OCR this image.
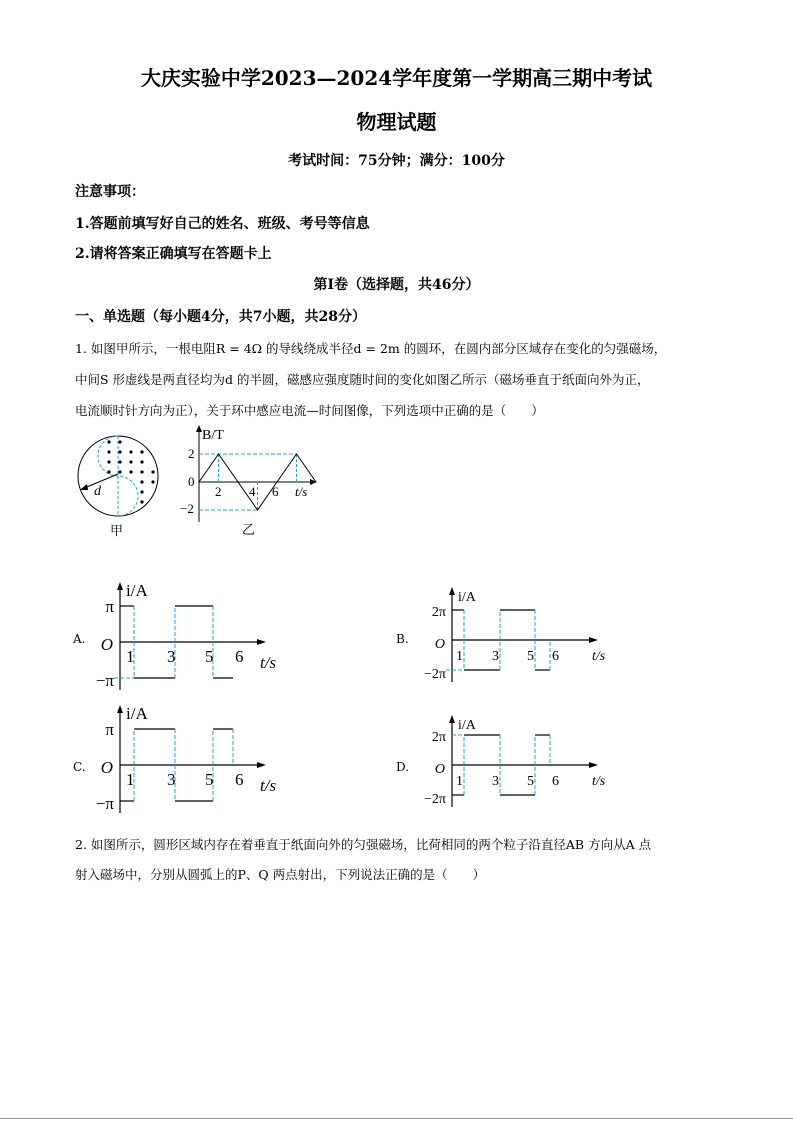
大庆实验中学2023—2024学年度第一学期高三期中考试
物理试题
考试时间：75分钟；满分：100分
注意事项：
1.答题前填写好自己的姓名、班级、考号等信息
2.请将答案正确填写在答题卡上
第Ⅰ卷（选择题，共46分）
一、单选题（每小题4分，共7小题，共28分）
1. 如图甲所示，一根电阻R = 4Ω 的导线绕成半径d = 2m 的圆环，在圆内部分区域存在变化的匀强磁场，
中间S 形虚线是两直径均为d 的半圆，磁感应强度随时间的变化如图乙所示（磁场垂直于纸面向外为正，
电流顺时针方向为正），关于环中感应电流—时间图像，下列选项中正确的是（　　）
d
甲
B/T
2
0
−2
2 4 6 t/s
乙
A.
i/A
π
−π
O
1 3 5 6 t/s
B.
i/A
2π
−2π
O
1 3 5 6 t/s
C.
i/A
π
−π
O
1 3 5 6 t/s
D.
i/A
2π
−2π
O
1 3 5 6 t/s
2. 如图所示，圆形区域内存在着垂直于纸面向外的匀强磁场，比荷相同的两个粒子沿直径AB 方向从A 点
射入磁场中，分别从圆弧上的P、Q 两点射出，下列说法正确的是（　　）
